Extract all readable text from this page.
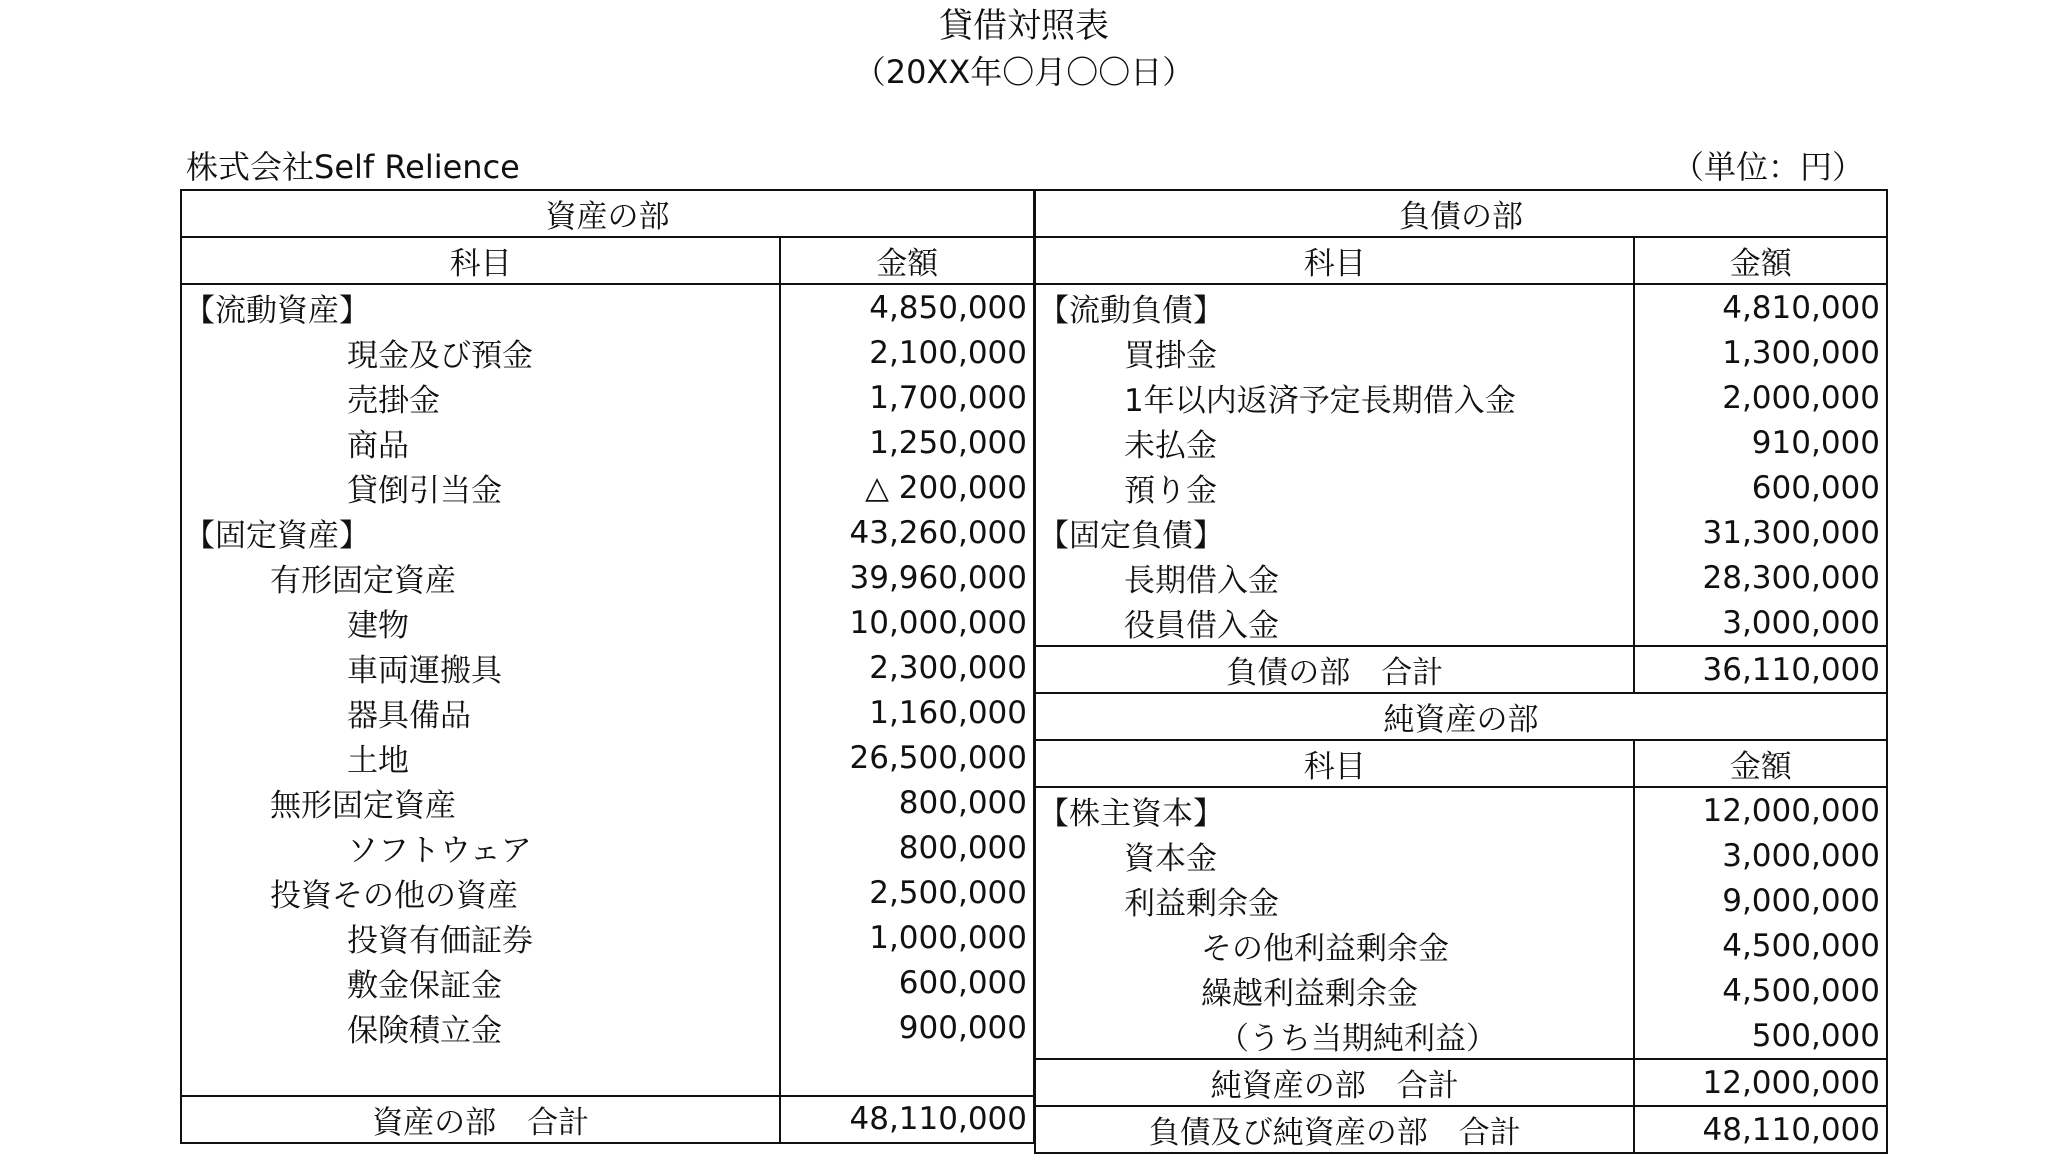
貸借対照表
（20XX年〇月〇〇日）
株式会社Self Relience	（単位：円）
資産の部	
科目	金額
【流動資産】	4,850,000
現金及び預金	2,100,000
売掛金	1,700,000
商品	1,250,000
貸倒引当金	△ 200,000
【固定資産】	43,260,000
有形固定資産	39,960,000
建物	10,000,000
車両運搬具	2,300,000
器具備品	1,160,000
土地	26,500,000
無形固定資産	800,000
ソフトウェア	800,000
投資その他の資産	2,500,000
投資有価証券	1,000,000
敷金保証金	600,000
保険積立金	900,000

資産の部　合計	48,110,000
負債の部	
科目	金額
【流動負債】	4,810,000
買掛金	1,300,000
1年以内返済予定長期借入金	2,000,000
未払金	910,000
預り金	600,000
【固定負債】	31,300,000
長期借入金	28,300,000
役員借入金	3,000,000
負債の部　合計	36,110,000
純資産の部	
科目	金額
【株主資本】	12,000,000
資本金	3,000,000
利益剰余金	9,000,000
その他利益剰余金	4,500,000
繰越利益剰余金	4,500,000
（うち当期純利益）	500,000
純資産の部　合計	12,000,000
負債及び純資産の部　合計	48,110,000
